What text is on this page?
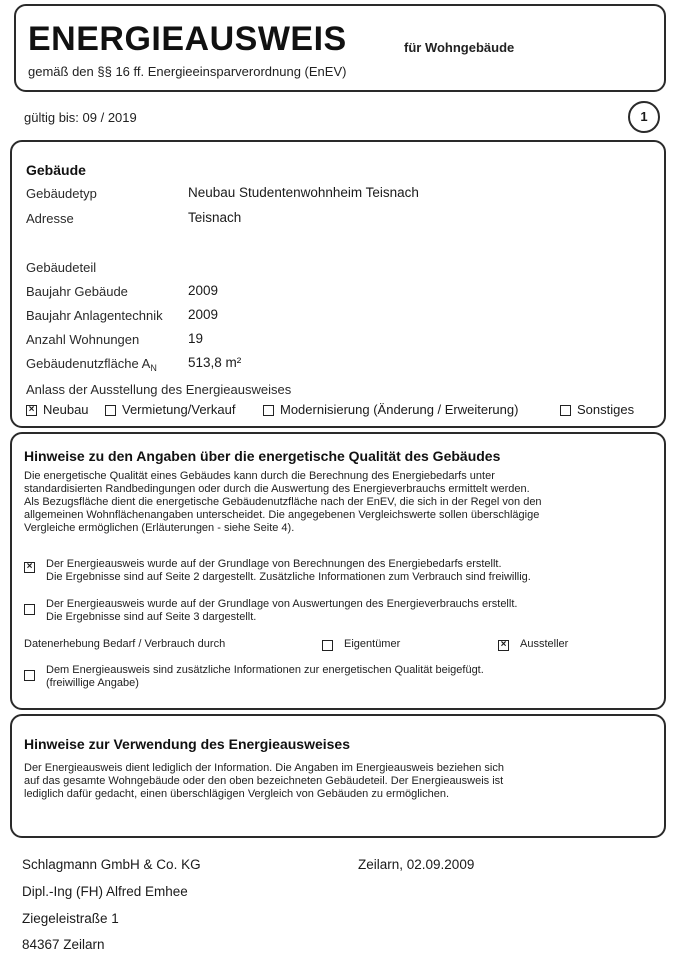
ENERGIEAUSWEIS	für Wohngebäude
gemäß den §§ 16 ff. Energieeinsparverordnung (EnEV)
gültig bis: 09 / 2019	1
Gebäude
Gebäudetyp	Neubau Studentenwohnheim Teisnach
Adresse	Teisnach
Gebäudeteil
Baujahr Gebäude	2009
Baujahr Anlagentechnik 2009
Anzahl Wohnungen	19
Gebäudenutzfläche $A_N$ 513,8 m²
Anlass der Ausstellung des Energieausweises
× Neubau	Vermietung/Verkauf	Modernisierung (Änderung / Erweiterung)	Sonstiges
Hinweise zu den Angaben über die energetische Qualität des Gebäudes
Die energetische Qualität eines Gebäudes kann durch die Berechnung des Energiebedarfs unter
standardisierten Randbedingungen oder durch die Auswertung des Energieverbrauchs ermittelt werden.
Als Bezugsfläche dient die energetische Gebäudenutzfläche nach der EnEV, die sich in der Regel von den
allgemeinen Wohnflächenangaben unterscheidet. Die angegebenen Vergleichswerte sollen überschlägige
Vergleiche ermöglichen (Erläuterungen - siehe Seite 4).
× Der Energieausweis wurde auf der Grundlage von Berechnungen des Energiebedarfs erstellt.
Die Ergebnisse sind auf Seite 2 dargestellt. Zusätzliche Informationen zum Verbrauch sind freiwillig.
Der Energieausweis wurde auf der Grundlage von Auswertungen des Energieverbrauchs erstellt.
Die Ergebnisse sind auf Seite 3 dargestellt.
Datenerhebung Bedarf / Verbrauch durch	Eigentümer	× Aussteller
Dem Energieausweis sind zusätzliche Informationen zur energetischen Qualität beigefügt.
(freiwillige Angabe)
Hinweise zur Verwendung des Energieausweises
Der Energieausweis dient lediglich der Information. Die Angaben im Energieausweis beziehen sich
auf das gesamte Wohngebäude oder den oben bezeichneten Gebäudeteil. Der Energieausweis ist
lediglich dafür gedacht, einen überschlägigen Vergleich von Gebäuden zu ermöglichen.
Schlagmann GmbH & Co. KG	Zeilarn, 02.09.2009
Dipl.-Ing (FH) Alfred Emhee
Ziegeleistraße 1
84367 Zeilarn
